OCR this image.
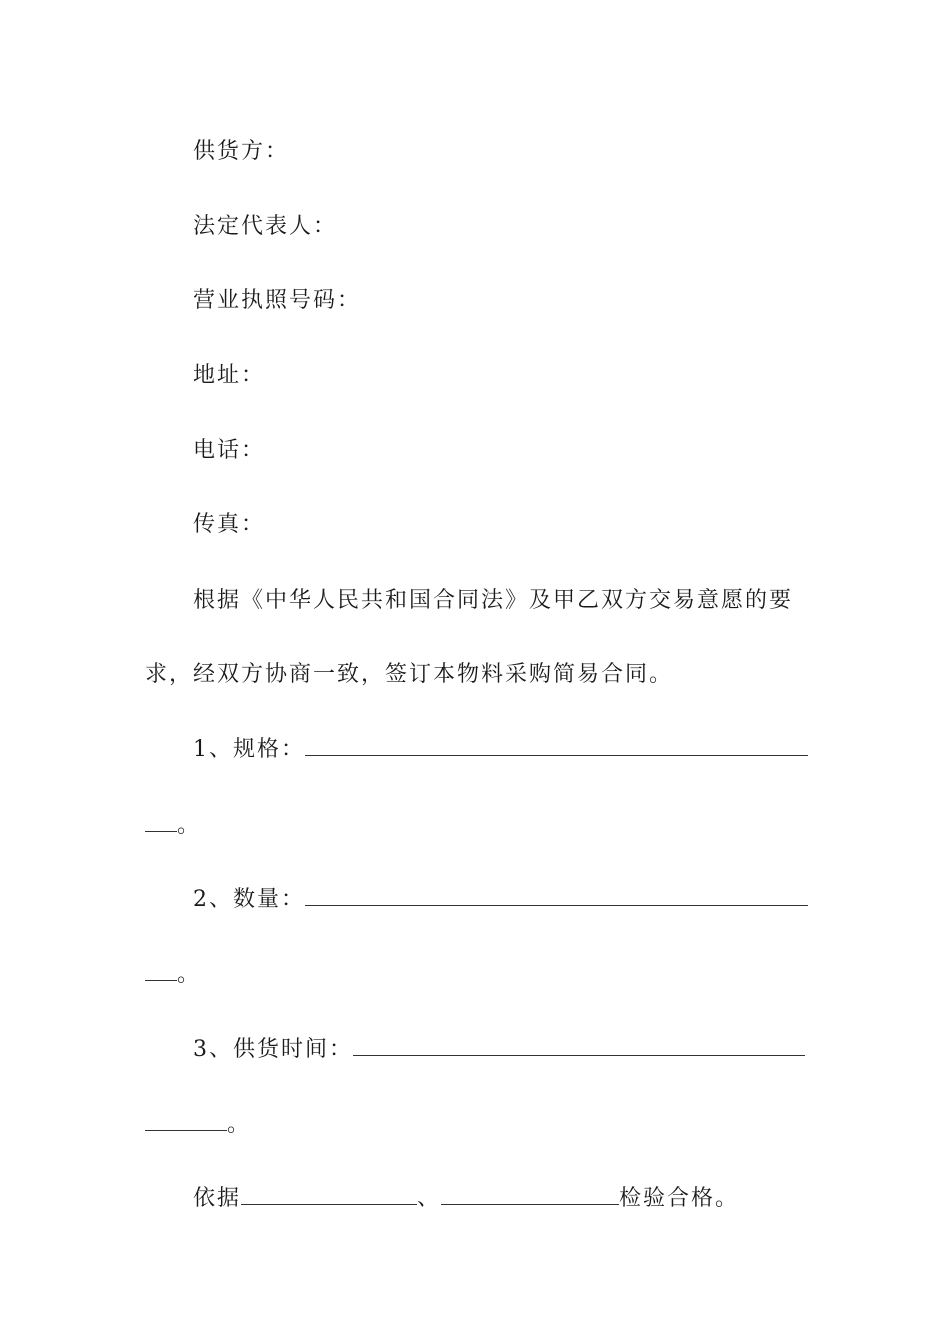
供货方：
法定代表人：
营业执照号码：
地址：
电话：
传真：
根据《中华人民共和国合同法》及甲乙双方交易意愿的要
求，经双方协商一致，签订本物料采购简易合同。
1、规格：
。
2、数量：
。
3、供货时间：
。
依据	、	检验合格。
